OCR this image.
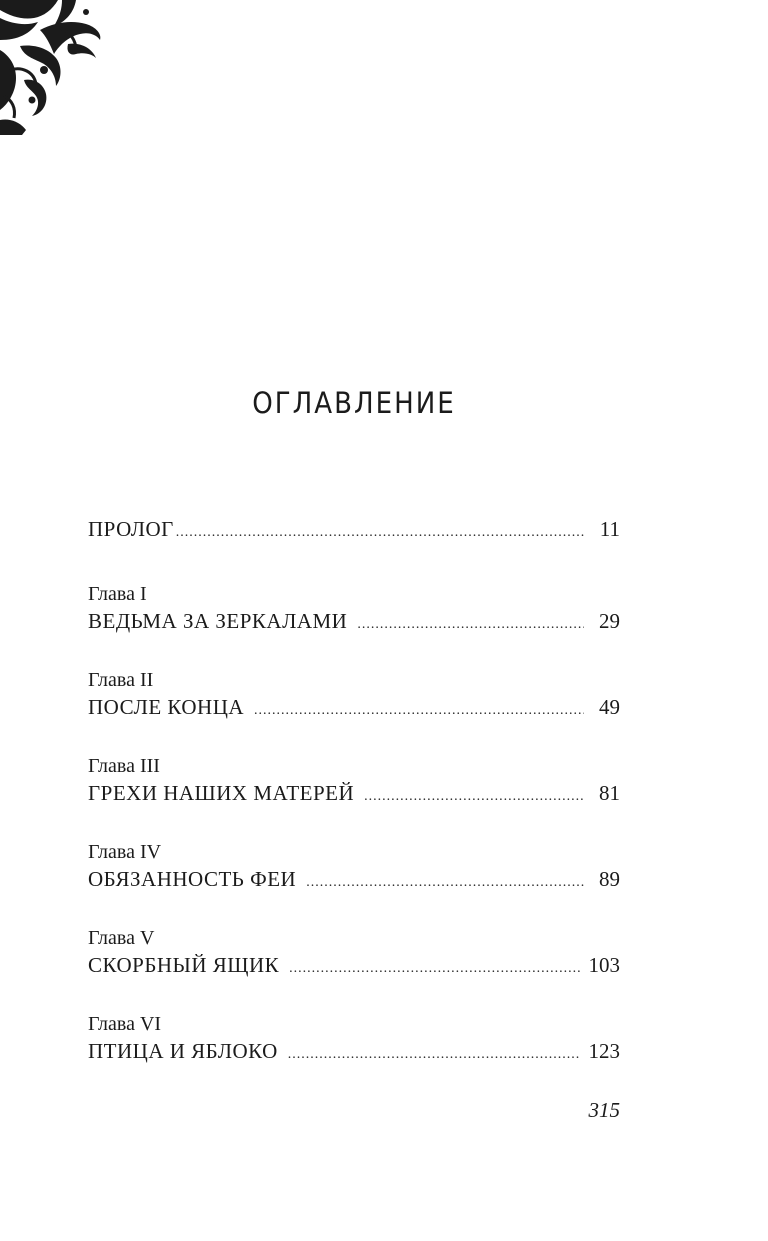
ОГЛАВЛЕНИЕ
ПРОЛОГ .....	11
Глава I
ВЕДЬМА ЗА ЗЕРКАЛАМИ .....	29
Глава II
ПОСЛЕ КОНЦА .....	49
Глава III
ГРЕХИ НАШИХ МАТЕРЕЙ .....	81
Глава IV
ОБЯЗАННОСТЬ ФЕИ .....	89
Глава V
СКОРБНЫЙ ЯЩИК .....	103
Глава VI
ПТИЦА И ЯБЛОКО .....	123
315
